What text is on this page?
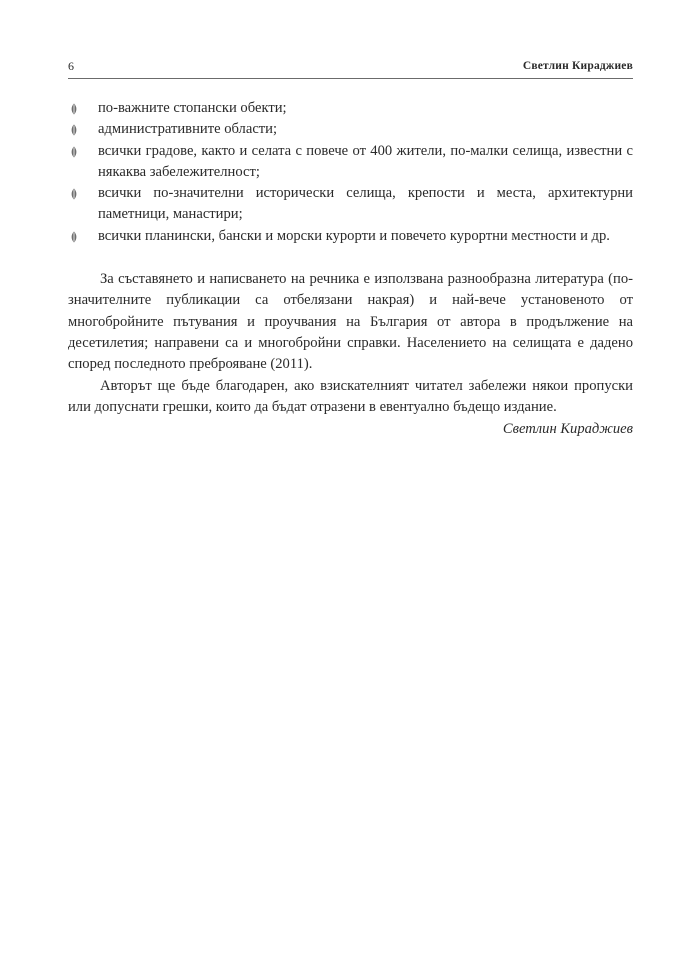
6	Светлин Кираджиев
по-важните стопански обекти;
административните области;
всички градове, както и селата с повече от 400 жители, по-малки селища, известни с някаква забележителност;
всички по-значителни исторически селища, крепости и места, архитектурни паметници, манастири;
всички планински, бански и морски курорти и повечето курортни местности и др.

За съставянето и написването на речника е използвана разнообразна литература (по-значителните публикации са отбелязани накрая) и най-вече установеното от многобройните пътувания и проучвания на България от автора в продължение на десетилетия; направени са и многобройни справки. Населението на селищата е дадено според последното преброяване (2011).

Авторът ще бъде благодарен, ако взискателният читател забележи някои пропуски или допуснати грешки, които да бъдат отразени в евентуално бъдещо издание.

Светлин Кираджиев
